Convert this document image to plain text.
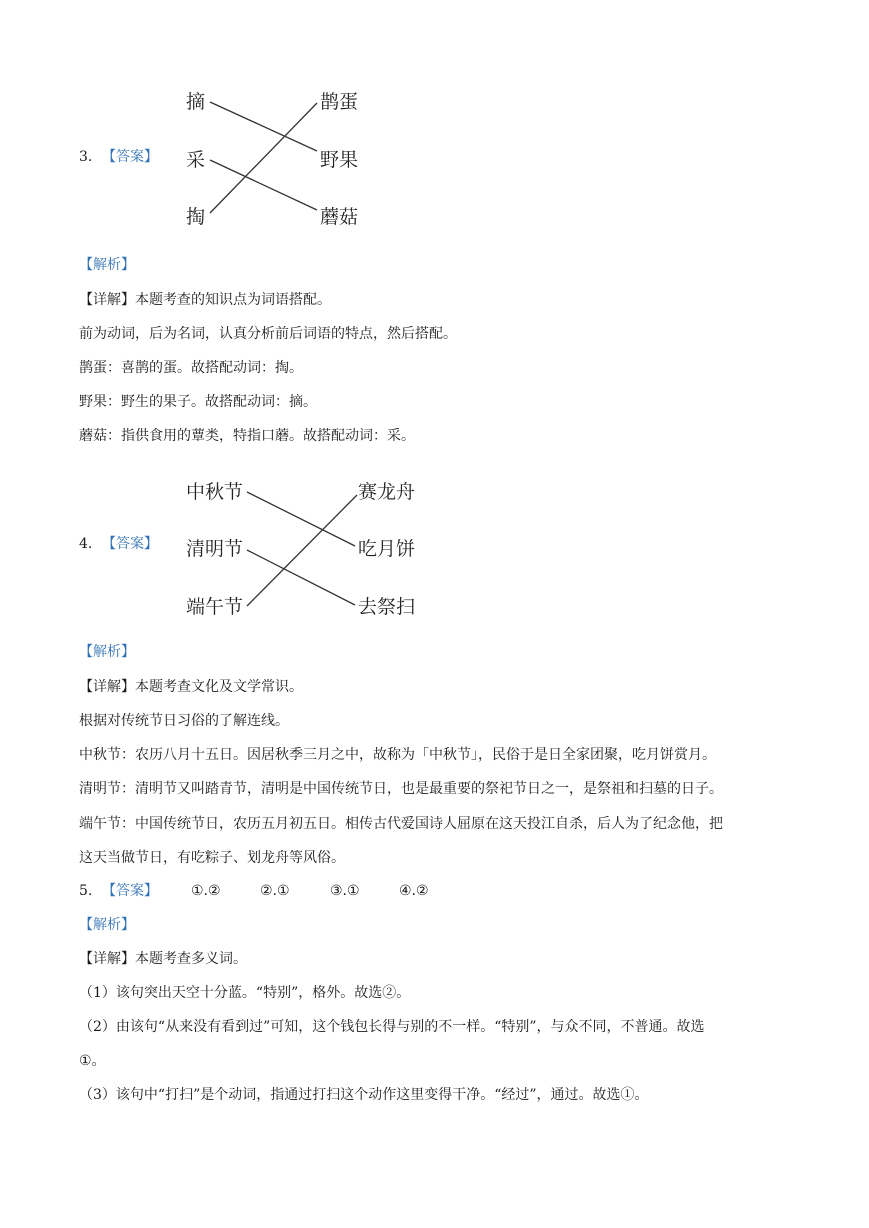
3. 【答案】
摘
采
掏
鹊蛋
野果
蘑菇
【解析】
【详解】本题考查的知识点为词语搭配。
前为动词，后为名词，认真分析前后词语的特点，然后搭配。
鹊蛋：喜鹊的蛋。故搭配动词：掏。
野果：野生的果子。故搭配动词：摘。
蘑菇：指供食用的蕈类，特指口蘑。故搭配动词：采。
4. 【答案】
中秋节
清明节
端午节
赛龙舟
吃月饼
去祭扫
【解析】
【详解】本题考查文化及文学常识。
根据对传统节日习俗的了解连线。
中秋节：农历八月十五日。因居秋季三月之中，故称为「中秋节」，民俗于是日全家团聚，吃月饼赏月。
清明节：清明节又叫踏青节，清明是中国传统节日，也是最重要的祭祀节日之一，是祭祖和扫墓的日子。
端午节：中国传统节日，农历五月初五日。相传古代爱国诗人屈原在这天投江自杀，后人为了纪念他，把
这天当做节日，有吃粽子、划龙舟等风俗。
5. 【答案】 ①.②	②.①	③.①	④.②
【解析】
【详解】本题考查多义词。
（1）该句突出天空十分蓝。“特别”，格外。故选②。
（2）由该句“从来没有看到过”可知，这个钱包长得与别的不一样。“特别”，与众不同，不普通。故选
①。
（3）该句中“打扫”是个动词，指通过打扫这个动作这里变得干净。“经过”，通过。故选①。
